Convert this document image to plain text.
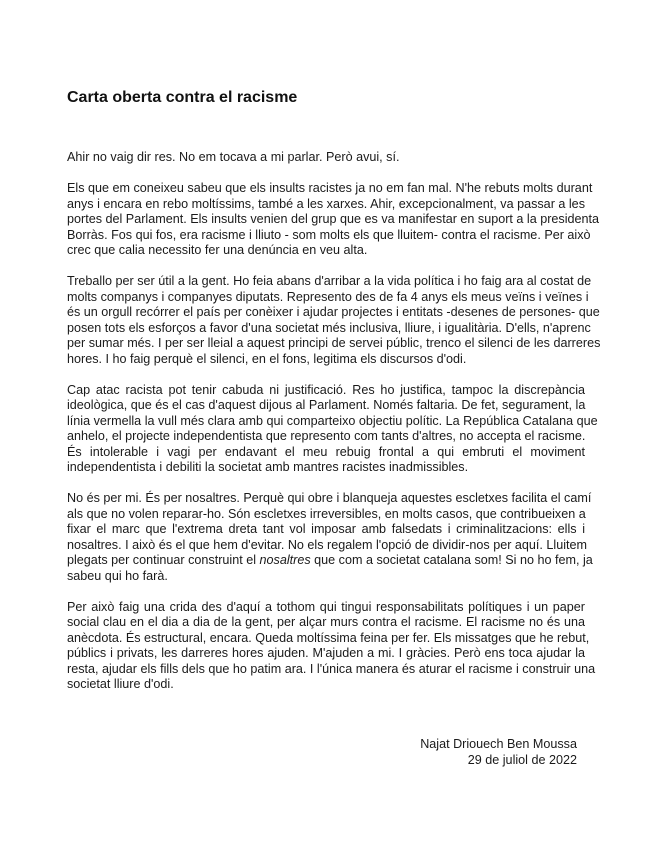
Carta oberta contra el racisme

Ahir no vaig dir res. No em tocava a mi parlar. Però avui, sí.

Els que em coneixeu sabeu que els insults racistes ja no em fan mal. N'he rebuts molts durant
anys i encara en rebo moltíssims, també a les xarxes. Ahir, excepcionalment, va passar a les
portes del Parlament. Els insults venien del grup que es va manifestar en suport a la presidenta
Borràs. Fos qui fos, era racisme i lliuto - som molts els que lluitem- contra el racisme. Per això
crec que calia necessito fer una denúncia en veu alta.

Treballo per ser útil a la gent. Ho feia abans d'arribar a la vida política i ho faig ara al costat de
molts companys i companyes diputats. Represento des de fa 4 anys els meus veïns i veïnes i
és un orgull recórrer el país per conèixer i ajudar projectes i entitats -desenes de persones- que
posen tots els esforços a favor d'una societat més inclusiva, lliure, i igualitària. D'ells, n'aprenc
per sumar més. I per ser lleial a aquest principi de servei públic, trenco el silenci de les darreres
hores. I ho faig perquè el silenci, en el fons, legitima els discursos d'odi.

Cap atac racista pot tenir cabuda ni justificació. Res ho justifica, tampoc la discrepància
ideològica, que és el cas d'aquest dijous al Parlament. Només faltaria. De fet, segurament, la
línia vermella la vull més clara amb qui comparteixo objectiu polític. La República Catalana que
anhelo, el projecte independentista que represento com tants d'altres, no accepta el racisme.
És intolerable i vagi per endavant el meu rebuig frontal a qui embruti el moviment
independentista i debiliti la societat amb mantres racistes inadmissibles.

No és per mi. És per nosaltres. Perquè qui obre i blanqueja aquestes escletxes facilita el camí
als que no volen reparar-ho. Són escletxes irreversibles, en molts casos, que contribueixen a
fixar el marc que l'extrema dreta tant vol imposar amb falsedats i criminalitzacions: ells i
nosaltres. I això és el que hem d'evitar. No els regalem l'opció de dividir-nos per aquí. Lluitem
plegats per continuar construint el nosaltres que com a societat catalana som! Si no ho fem, ja
sabeu qui ho farà.

Per això faig una crida des d'aquí a tothom qui tingui responsabilitats polítiques i un paper
social clau en el dia a dia de la gent, per alçar murs contra el racisme. El racisme no és una
anècdota. És estructural, encara. Queda moltíssima feina per fer. Els missatges que he rebut,
públics i privats, les darreres hores ajuden. M'ajuden a mi. I gràcies. Però ens toca ajudar la
resta, ajudar els fills dels que ho patim ara. I l'única manera és aturar el racisme i construir una
societat lliure d'odi.

Najat Driouech Ben Moussa
29 de juliol de 2022
